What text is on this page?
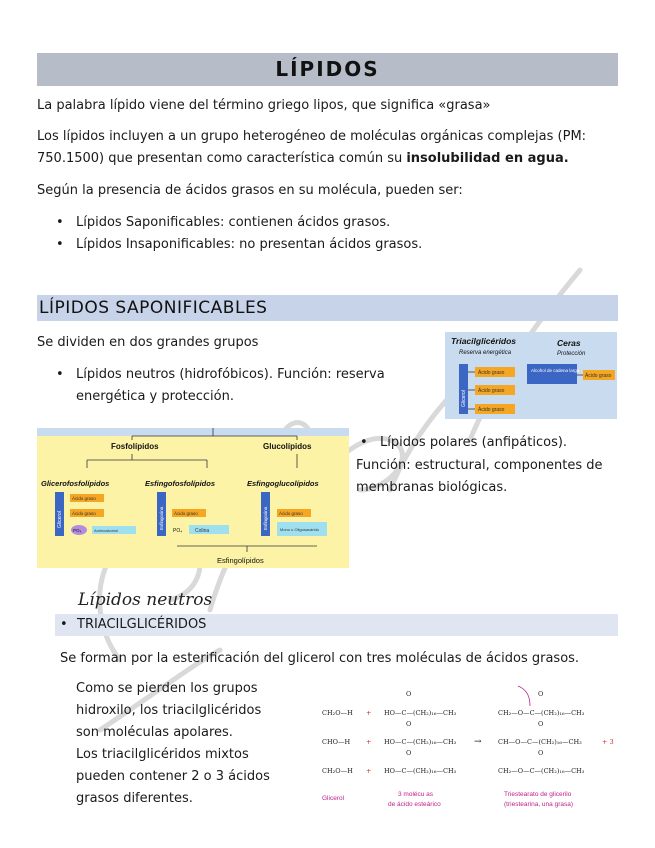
LÍPIDOS
La palabra lípido viene del término griego lipos, que significa «grasa»
Los lípidos incluyen a un grupo heterogéneo de moléculas orgánicas complejas (PM:
750.1500) que presentan como característica común su insolubilidad en agua.
Según la presencia de ácidos grasos en su molécula, pueden ser:
• Lípidos Saponificables: contienen ácidos grasos.
• Lípidos Insaponificables: no presentan ácidos grasos.
LÍPIDOS SAPONIFICABLES
Se dividen en dos grandes grupos
• Lípidos neutros (hidrofóbicos). Función: reserva
energética y protección.
Triacilglicéridos
Reserva energética
Ceras
Protección
Glicerol
Ácido graso
Ácido graso
Ácido graso
Alcohol de cadena larga
Ácido graso
Fosfolípidos	Glucolípidos
Glicerofosfolípidos	Esfingofosfolípidos	Esfingoglucolípidos
Glicerol
Ácido graso
Ácido graso
PO₄	Aminoalcohol
Esfingosina Ácido graso
PO₄	Colina
Esfingosina Ácido graso
Mono u Oligosacárido
Esfingolípidos
• Lípidos polares (anfipáticos).
Función: estructural, componentes de
membranas biológicas.
Lípidos neutros
• TRIACILGLICÉRIDOS
Se forman por la esterificación del glicerol con tres moléculas de ácidos grasos.
Como se pierden los grupos
hidroxilo, los triacilglicéridos
son moléculas apolares.
Los triacilglicéridos mixtos
pueden contener 2 o 3 ácidos
grasos diferentes.
CH₂O—H
CHO—H
CH₂O—H
+
+
+
O
O
O
HO—C—(CH₂)₁₆—CH₃
HO—C—(CH₂)₁₆—CH₃
HO—C—(CH₂)₁₆—CH₃
→
O
O
O
CH₂—O—C—(CH₂)₁₆—CH₃
CH—O—C—(CH₂)₁₆—CH₃
CH₂—O—C—(CH₂)₁₆—CH₃
+ 3
Glicerol
3 molécu as
de ácido esteárico
Triestearato de glicerilo
(triestearina, una grasa)
